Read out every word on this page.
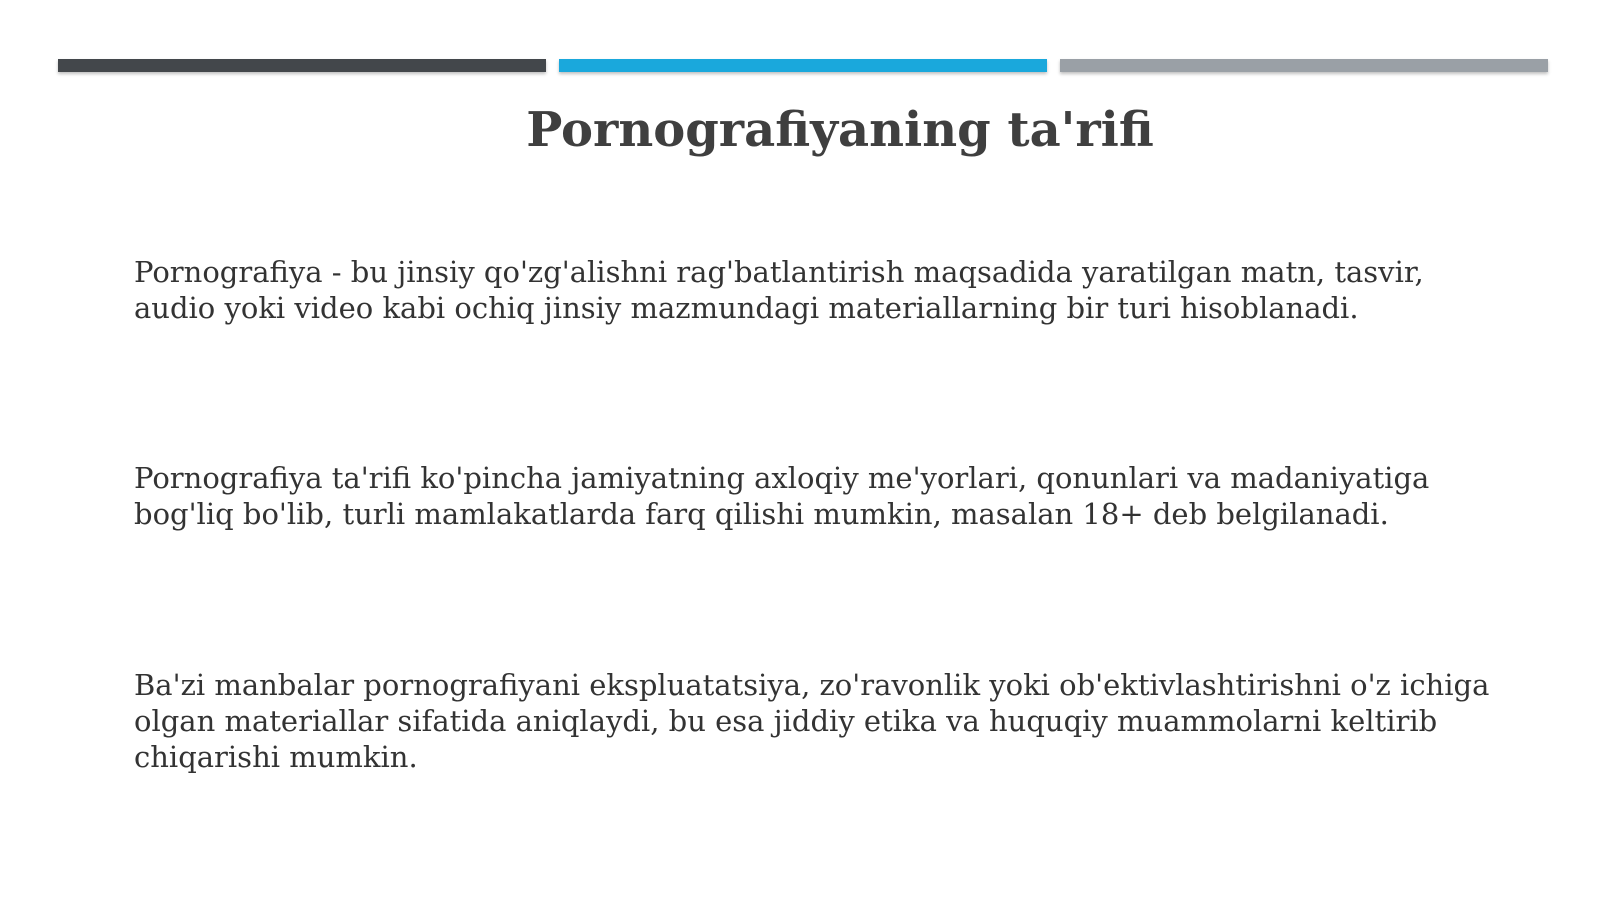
Pornografiyaning ta'rifi

Pornografiya - bu jinsiy qo'zg'alishni rag'batlantirish maqsadida yaratilgan matn, tasvir, audio yoki video kabi ochiq jinsiy mazmundagi materiallarning bir turi hisoblanadi.

Pornografiya ta'rifi ko'pincha jamiyatning axloqiy me'yorlari, qonunlari va madaniyatiga bog'liq bo'lib, turli mamlakatlarda farq qilishi mumkin, masalan 18+ deb belgilanadi.

Ba'zi manbalar pornografiyani ekspluatatsiya, zo'ravonlik yoki ob'ektivlashtirishni o'z ichiga olgan materiallar sifatida aniqlaydi, bu esa jiddiy etika va huquqiy muammolarni keltirib chiqarishi mumkin.
